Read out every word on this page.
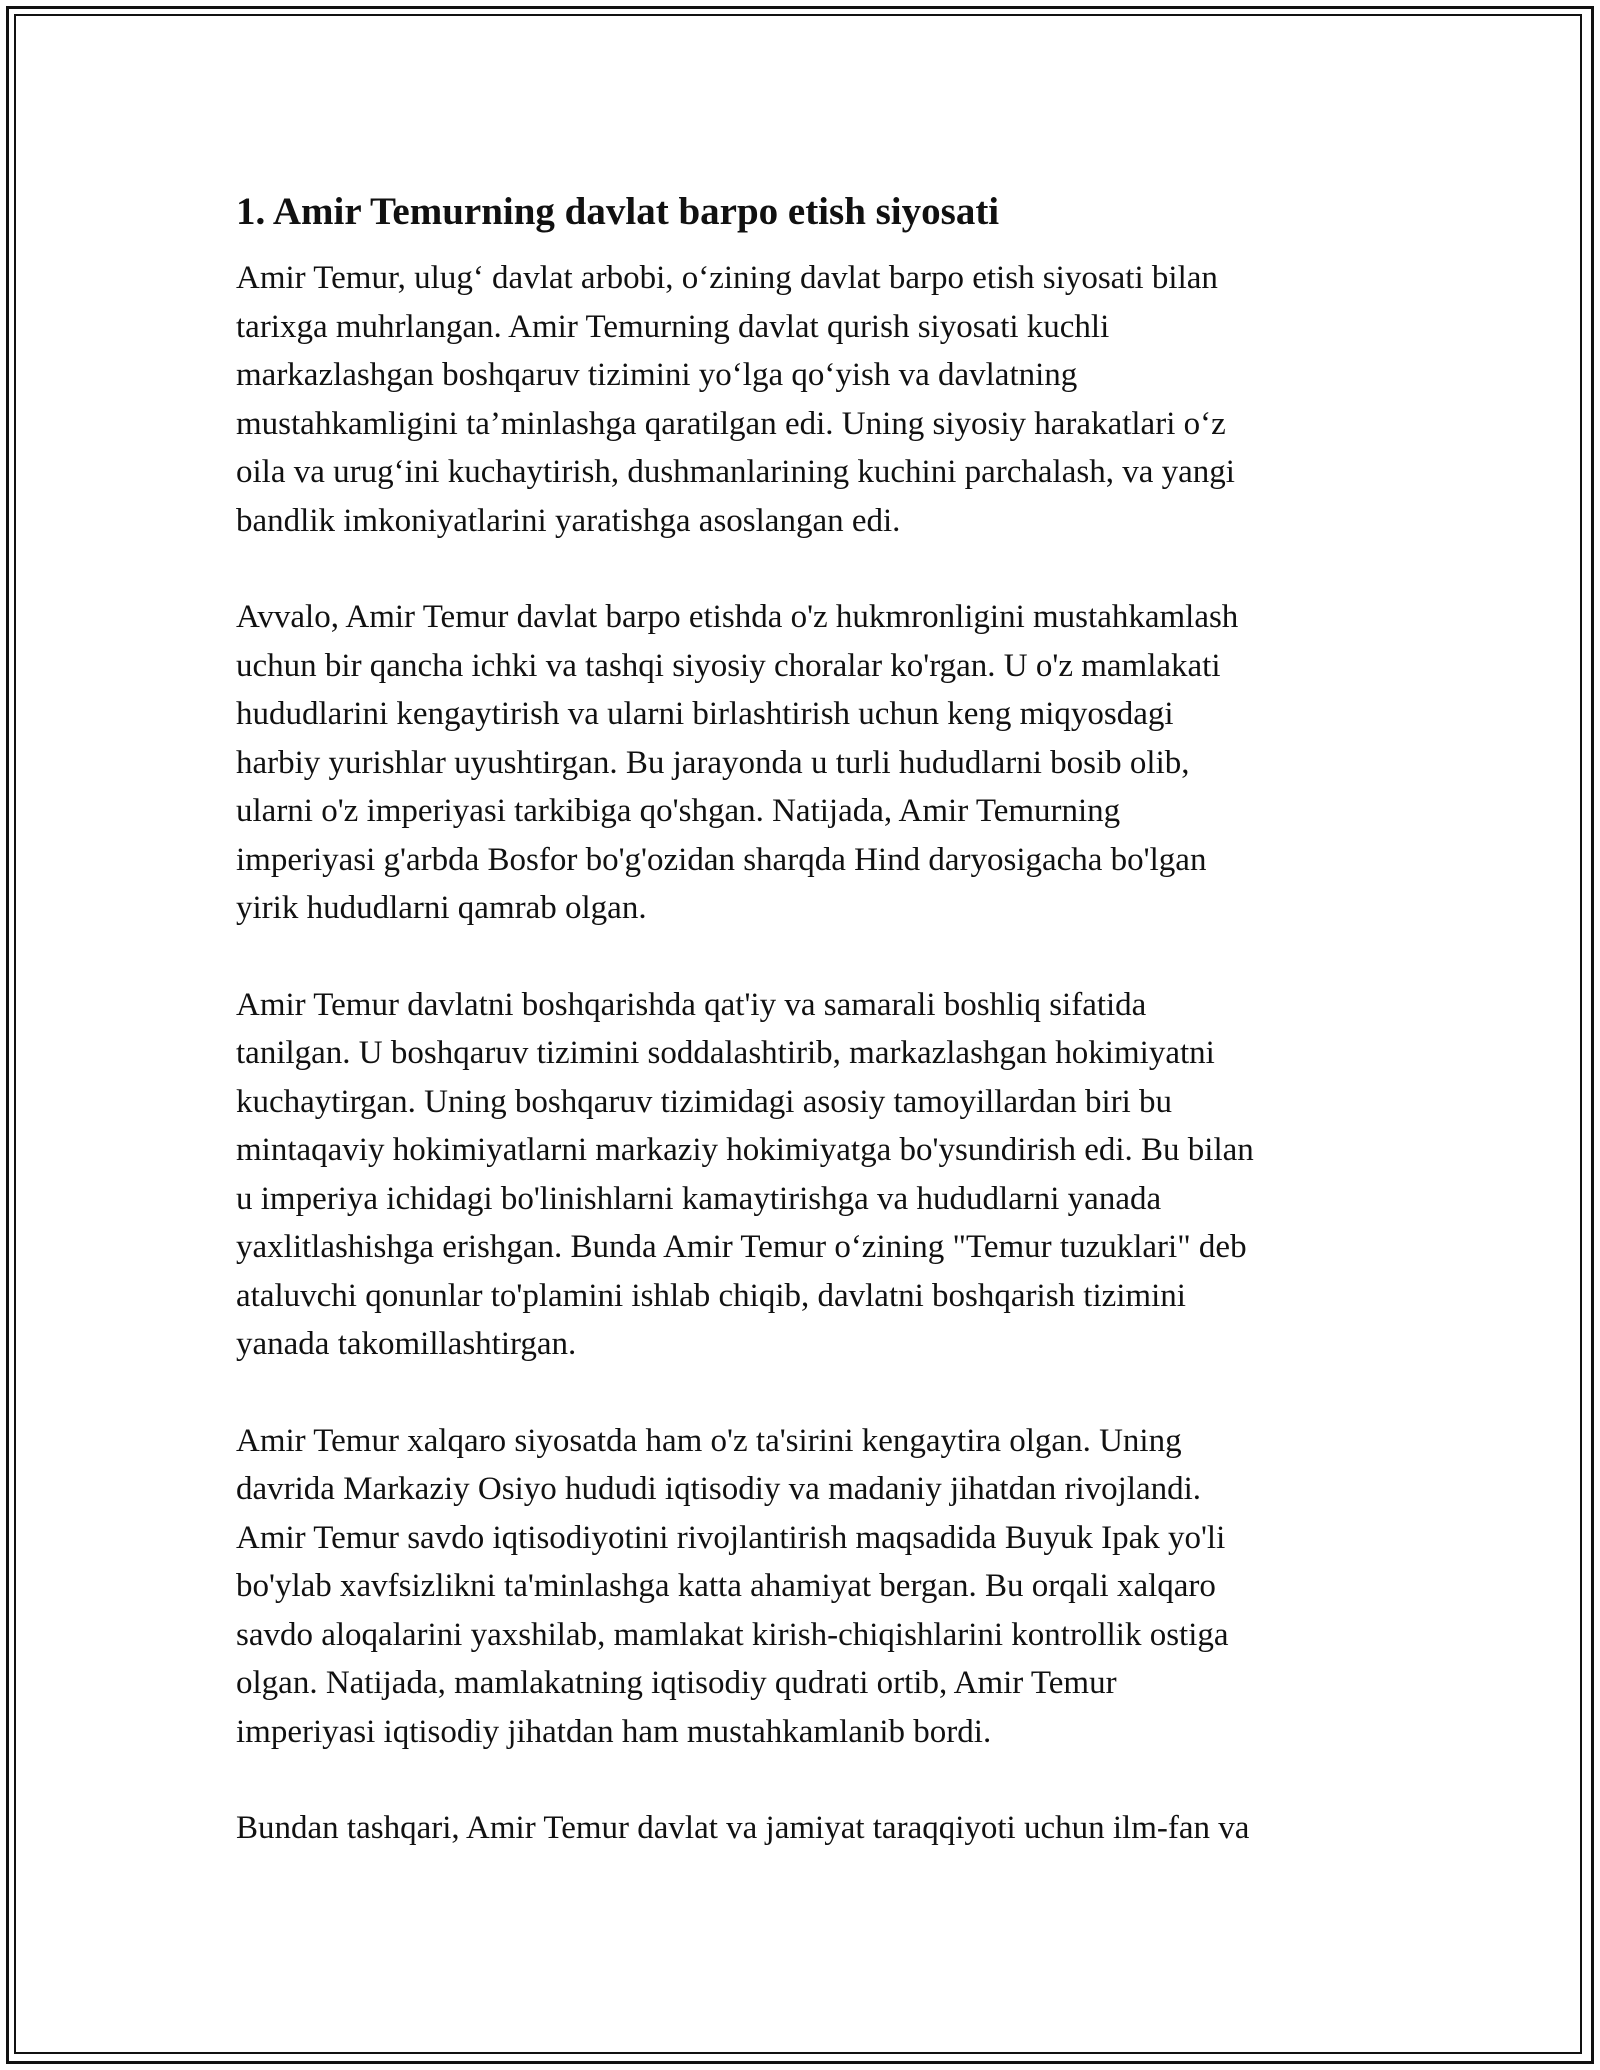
1. Amir Temurning davlat barpo etish siyosati
Amir Temur, ulug‘ davlat arbobi, o‘zining davlat barpo etish siyosati bilan
tarixga muhrlangan. Amir Temurning davlat qurish siyosati kuchli
markazlashgan boshqaruv tizimini yo‘lga qo‘yish va davlatning
mustahkamligini ta’minlashga qaratilgan edi. Uning siyosiy harakatlari o‘z
oila va urug‘ini kuchaytirish, dushmanlarining kuchini parchalash, va yangi
bandlik imkoniyatlarini yaratishga asoslangan edi.
Avvalo, Amir Temur davlat barpo etishda o'z hukmronligini mustahkamlash
uchun bir qancha ichki va tashqi siyosiy choralar ko'rgan. U o'z mamlakati
hududlarini kengaytirish va ularni birlashtirish uchun keng miqyosdagi
harbiy yurishlar uyushtirgan. Bu jarayonda u turli hududlarni bosib olib,
ularni o'z imperiyasi tarkibiga qo'shgan. Natijada, Amir Temurning
imperiyasi g'arbda Bosfor bo'g'ozidan sharqda Hind daryosigacha bo'lgan
yirik hududlarni qamrab olgan.
Amir Temur davlatni boshqarishda qat'iy va samarali boshliq sifatida
tanilgan. U boshqaruv tizimini soddalashtirib, markazlashgan hokimiyatni
kuchaytirgan. Uning boshqaruv tizimidagi asosiy tamoyillardan biri bu
mintaqaviy hokimiyatlarni markaziy hokimiyatga bo'ysundirish edi. Bu bilan
u imperiya ichidagi bo'linishlarni kamaytirishga va hududlarni yanada
yaxlitlashishga erishgan. Bunda Amir Temur o‘zining "Temur tuzuklari" deb
ataluvchi qonunlar to'plamini ishlab chiqib, davlatni boshqarish tizimini
yanada takomillashtirgan.
Amir Temur xalqaro siyosatda ham o'z ta'sirini kengaytira olgan. Uning
davrida Markaziy Osiyo hududi iqtisodiy va madaniy jihatdan rivojlandi.
Amir Temur savdo iqtisodiyotini rivojlantirish maqsadida Buyuk Ipak yo'li
bo'ylab xavfsizlikni ta'minlashga katta ahamiyat bergan. Bu orqali xalqaro
savdo aloqalarini yaxshilab, mamlakat kirish-chiqishlarini kontrollik ostiga
olgan. Natijada, mamlakatning iqtisodiy qudrati ortib, Amir Temur
imperiyasi iqtisodiy jihatdan ham mustahkamlanib bordi.
Bundan tashqari, Amir Temur davlat va jamiyat taraqqiyoti uchun ilm-fan va
